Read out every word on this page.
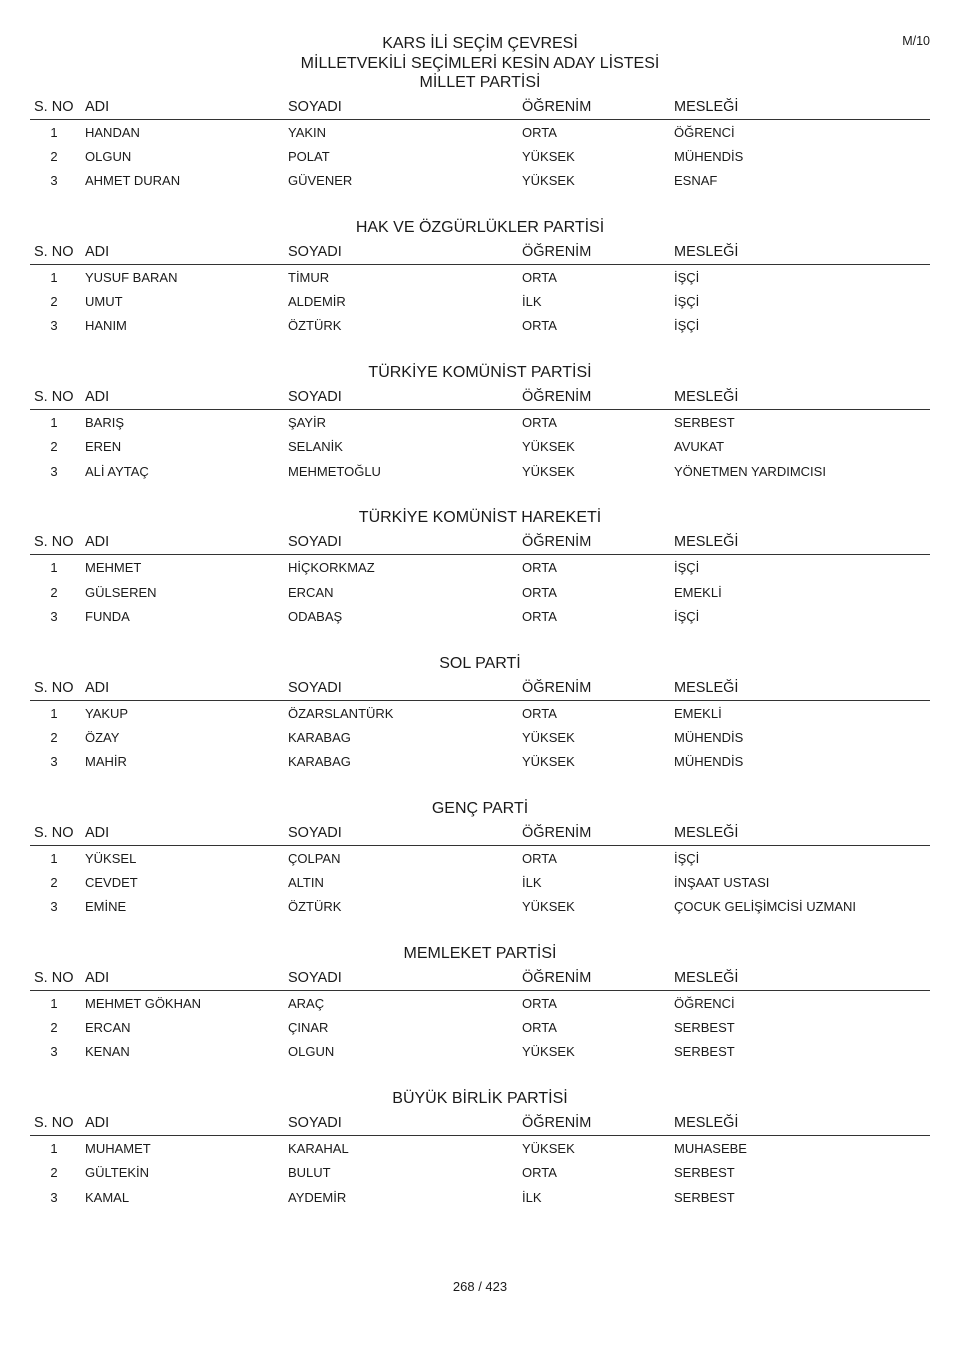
M/10
KARS İLİ SEÇİM ÇEVRESİ
MİLLETVEKİLİ SEÇİMLERİ KESİN ADAY LİSTESİ
MİLLET PARTİSİ
S. NO ADI	SOYADI	ÖĞRENİM	MESLEĞİ
1	HANDAN	YAKIN	ORTA	ÖĞRENCİ
2	OLGUN	POLAT	YÜKSEK	MÜHENDİS
3	AHMET DURAN	GÜVENER	YÜKSEK	ESNAF
HAK VE ÖZGÜRLÜKLER PARTİSİ
S. NO ADI	SOYADI	ÖĞRENİM	MESLEĞİ
1	YUSUF BARAN	TİMUR	ORTA	İŞÇİ
2	UMUT	ALDEMİR	İLK	İŞÇİ
3	HANIM	ÖZTÜRK	ORTA	İŞÇİ
TÜRKİYE KOMÜNİST PARTİSİ
S. NO ADI	SOYADI	ÖĞRENİM	MESLEĞİ
1	BARIŞ	ŞAYİR	ORTA	SERBEST
2	EREN	SELANİK	YÜKSEK	AVUKAT
3	ALİ AYTAÇ	MEHMETOĞLU	YÜKSEK	YÖNETMEN YARDIMCISI
TÜRKİYE KOMÜNİST HAREKETİ
S. NO ADI	SOYADI	ÖĞRENİM	MESLEĞİ
1	MEHMET	HİÇKORKMAZ	ORTA	İŞÇİ
2	GÜLSEREN	ERCAN	ORTA	EMEKLİ
3	FUNDA	ODABAŞ	ORTA	İŞÇİ
SOL PARTİ
S. NO ADI	SOYADI	ÖĞRENİM	MESLEĞİ
1	YAKUP	ÖZARSLANTÜRK	ORTA	EMEKLİ
2	ÖZAY	KARABAG	YÜKSEK	MÜHENDİS
3	MAHİR	KARABAG	YÜKSEK	MÜHENDİS
GENÇ PARTİ
S. NO ADI	SOYADI	ÖĞRENİM	MESLEĞİ
1	YÜKSEL	ÇOLPAN	ORTA	İŞÇİ
2	CEVDET	ALTIN	İLK	İNŞAAT USTASI
3	EMİNE	ÖZTÜRK	YÜKSEK	ÇOCUK GELİŞİMCİSİ UZMANI
MEMLEKET PARTİSİ
S. NO ADI	SOYADI	ÖĞRENİM	MESLEĞİ
1	MEHMET GÖKHAN	ARAÇ	ORTA	ÖĞRENCİ
2	ERCAN	ÇINAR	ORTA	SERBEST
3	KENAN	OLGUN	YÜKSEK	SERBEST
BÜYÜK BİRLİK PARTİSİ
S. NO ADI	SOYADI	ÖĞRENİM	MESLEĞİ
1	MUHAMET	KARAHAL	YÜKSEK	MUHASEBE
2	GÜLTEKİN	BULUT	ORTA	SERBEST
3	KAMAL	AYDEMİR	İLK	SERBEST
268 / 423
